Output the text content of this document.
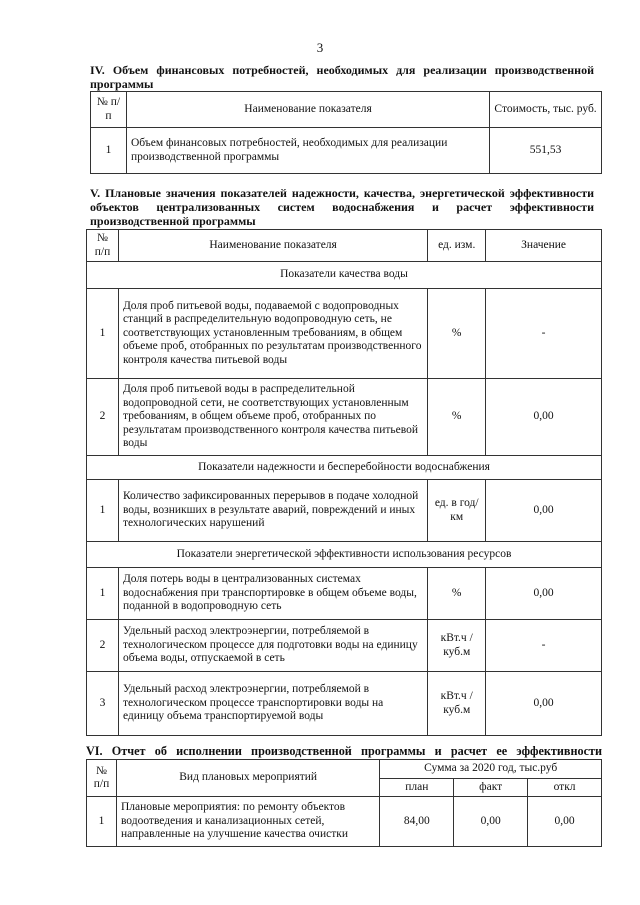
3
IV. Объем финансовых потребностей, необходимых для реализации производственной программы
№ п/п	Наименование показателя	Стоимость, тыс. руб.
1	Объем финансовых потребностей, необходимых для реализации производственной программы	551,53
V. Плановые значения показателей надежности, качества, энергетической эффективности объектов централизованных систем водоснабжения и расчет эффективности производственной программы
№ п/п	Наименование показателя	ед. изм.	Значение
Показатели качества воды			
1	Доля проб питьевой воды, подаваемой с водопроводных станций в распределительную водопроводную сеть, не соответствующих установленным требованиям, в общем объеме проб, отобранных по результатам производственного контроля качества питьевой воды	%	-
2	Доля проб питьевой воды в распределительной водопроводной сети, не соответствующих установленным требованиям, в общем объеме проб, отобранных по результатам производственного контроля качества питьевой воды	%	0,00
Показатели надежности и бесперебойности водоснабжения			
1	Количество зафиксированных перерывов в подаче холодной воды, возникших в результате аварий, повреждений и иных технологических нарушений	ед. в год/ км	0,00
Показатели энергетической эффективности использования ресурсов			
1	Доля потерь воды в централизованных системах водоснабжения при транспортировке в общем объеме воды, поданной в водопроводную сеть	%	0,00
2	Удельный расход электроэнергии, потребляемой в технологическом процессе для подготовки воды на единицу объема воды, отпускаемой в сеть	кВт.ч / куб.м	-
3	Удельный расход электроэнергии, потребляемой в технологическом процессе транспортировки воды на единицу объема транспортируемой воды	кВт.ч / куб.м	0,00
VI. Отчет об исполнении производственной программы и расчет ее эффективности
№ п/п	Вид плановых мероприятий	Сумма за 2020 год, тыс.руб		
		план	факт	откл
1	Плановые мероприятия: по ремонту объектов водоотведения и канализационных сетей, направленные на улучшение качества очистки	84,00	0,00	0,00
